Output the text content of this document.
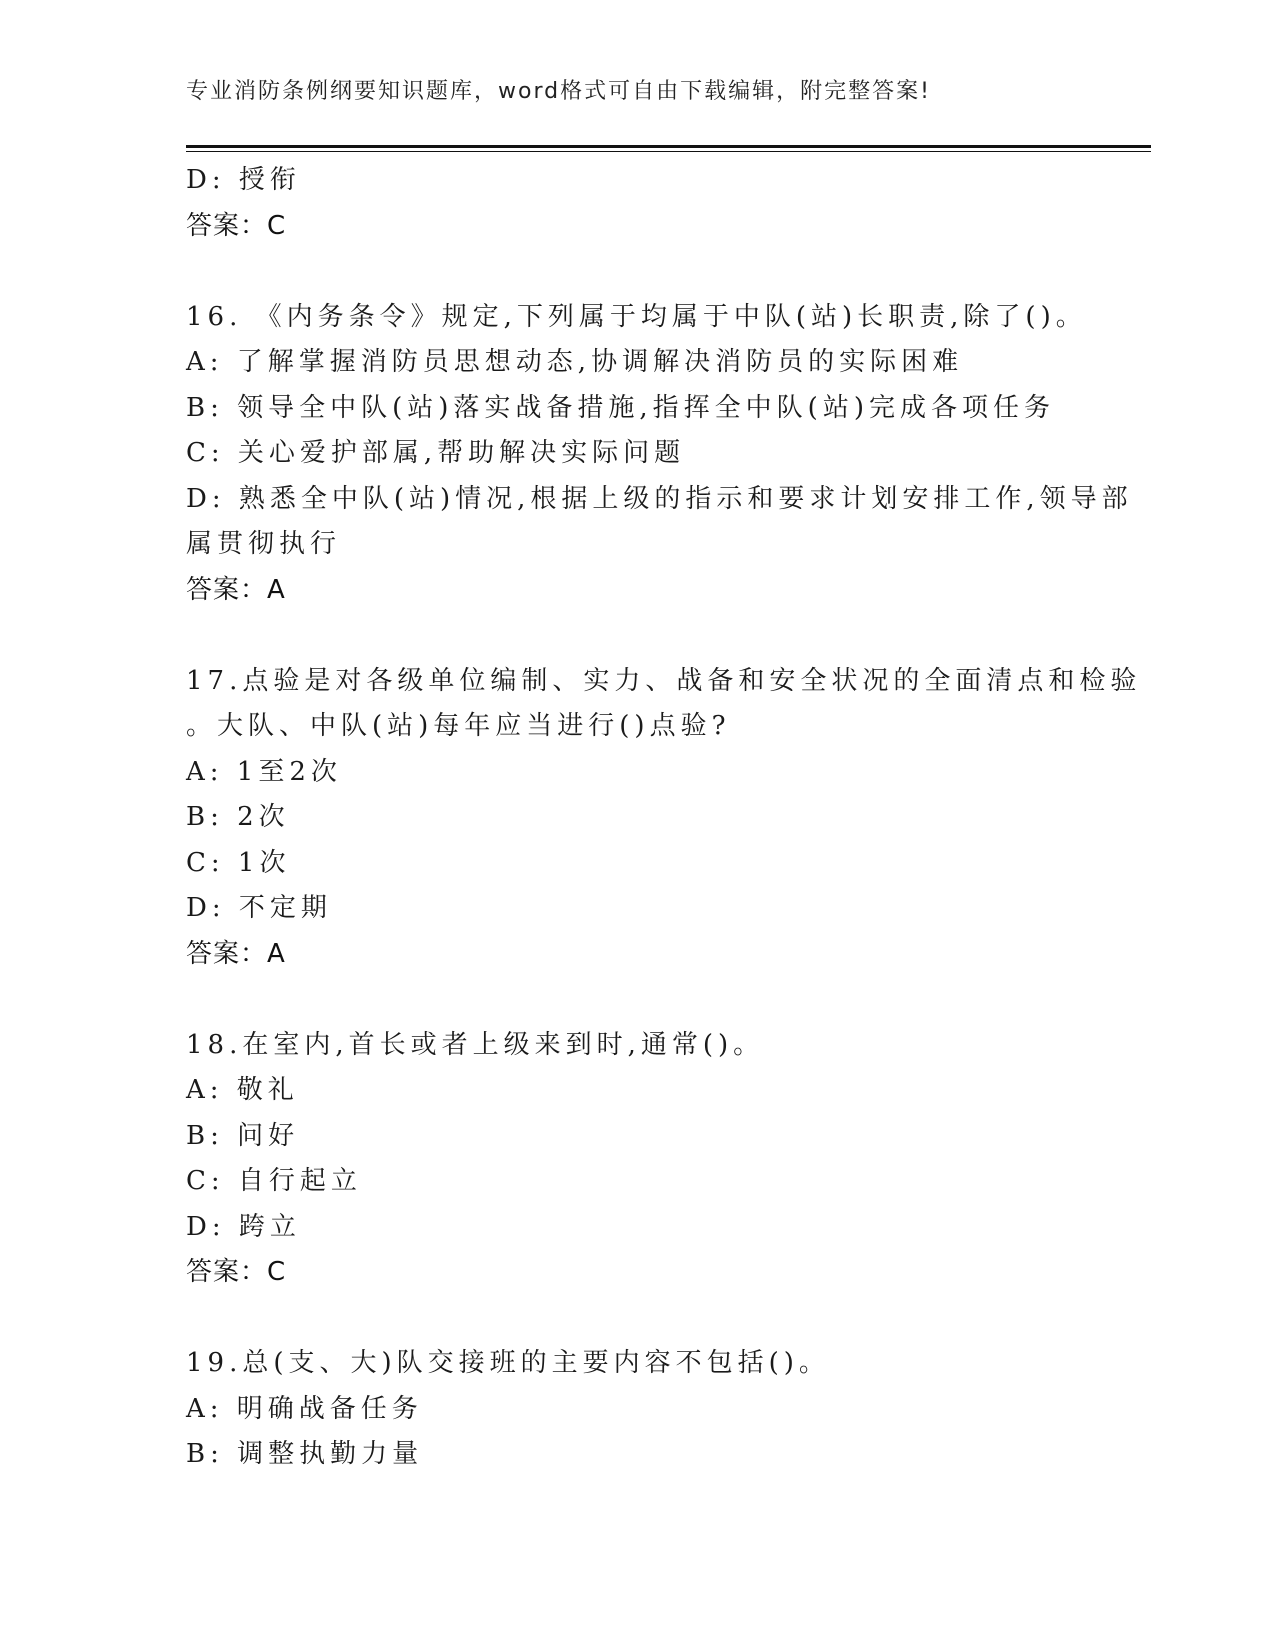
专业消防条例纲要知识题库，word格式可自由下载编辑，附完整答案!
D: 授衔
答案：C
16. 《内务条令》规定,下列属于均属于中队(站)长职责,除了()。
A: 了解掌握消防员思想动态,协调解决消防员的实际困难
B: 领导全中队(站)落实战备措施,指挥全中队(站)完成各项任务
C: 关心爱护部属,帮助解决实际问题
D: 熟悉全中队(站)情况,根据上级的指示和要求计划安排工作,领导部
属贯彻执行
答案：A
17.点验是对各级单位编制、实力、战备和安全状况的全面清点和检验
。大队、中队(站)每年应当进行()点验?
A: 1至2次
B: 2次
C: 1次
D: 不定期
答案：A
18.在室内,首长或者上级来到时,通常()。
A: 敬礼
B: 问好
C: 自行起立
D: 跨立
答案：C
19.总(支、大)队交接班的主要内容不包括()。
A: 明确战备任务
B: 调整执勤力量
